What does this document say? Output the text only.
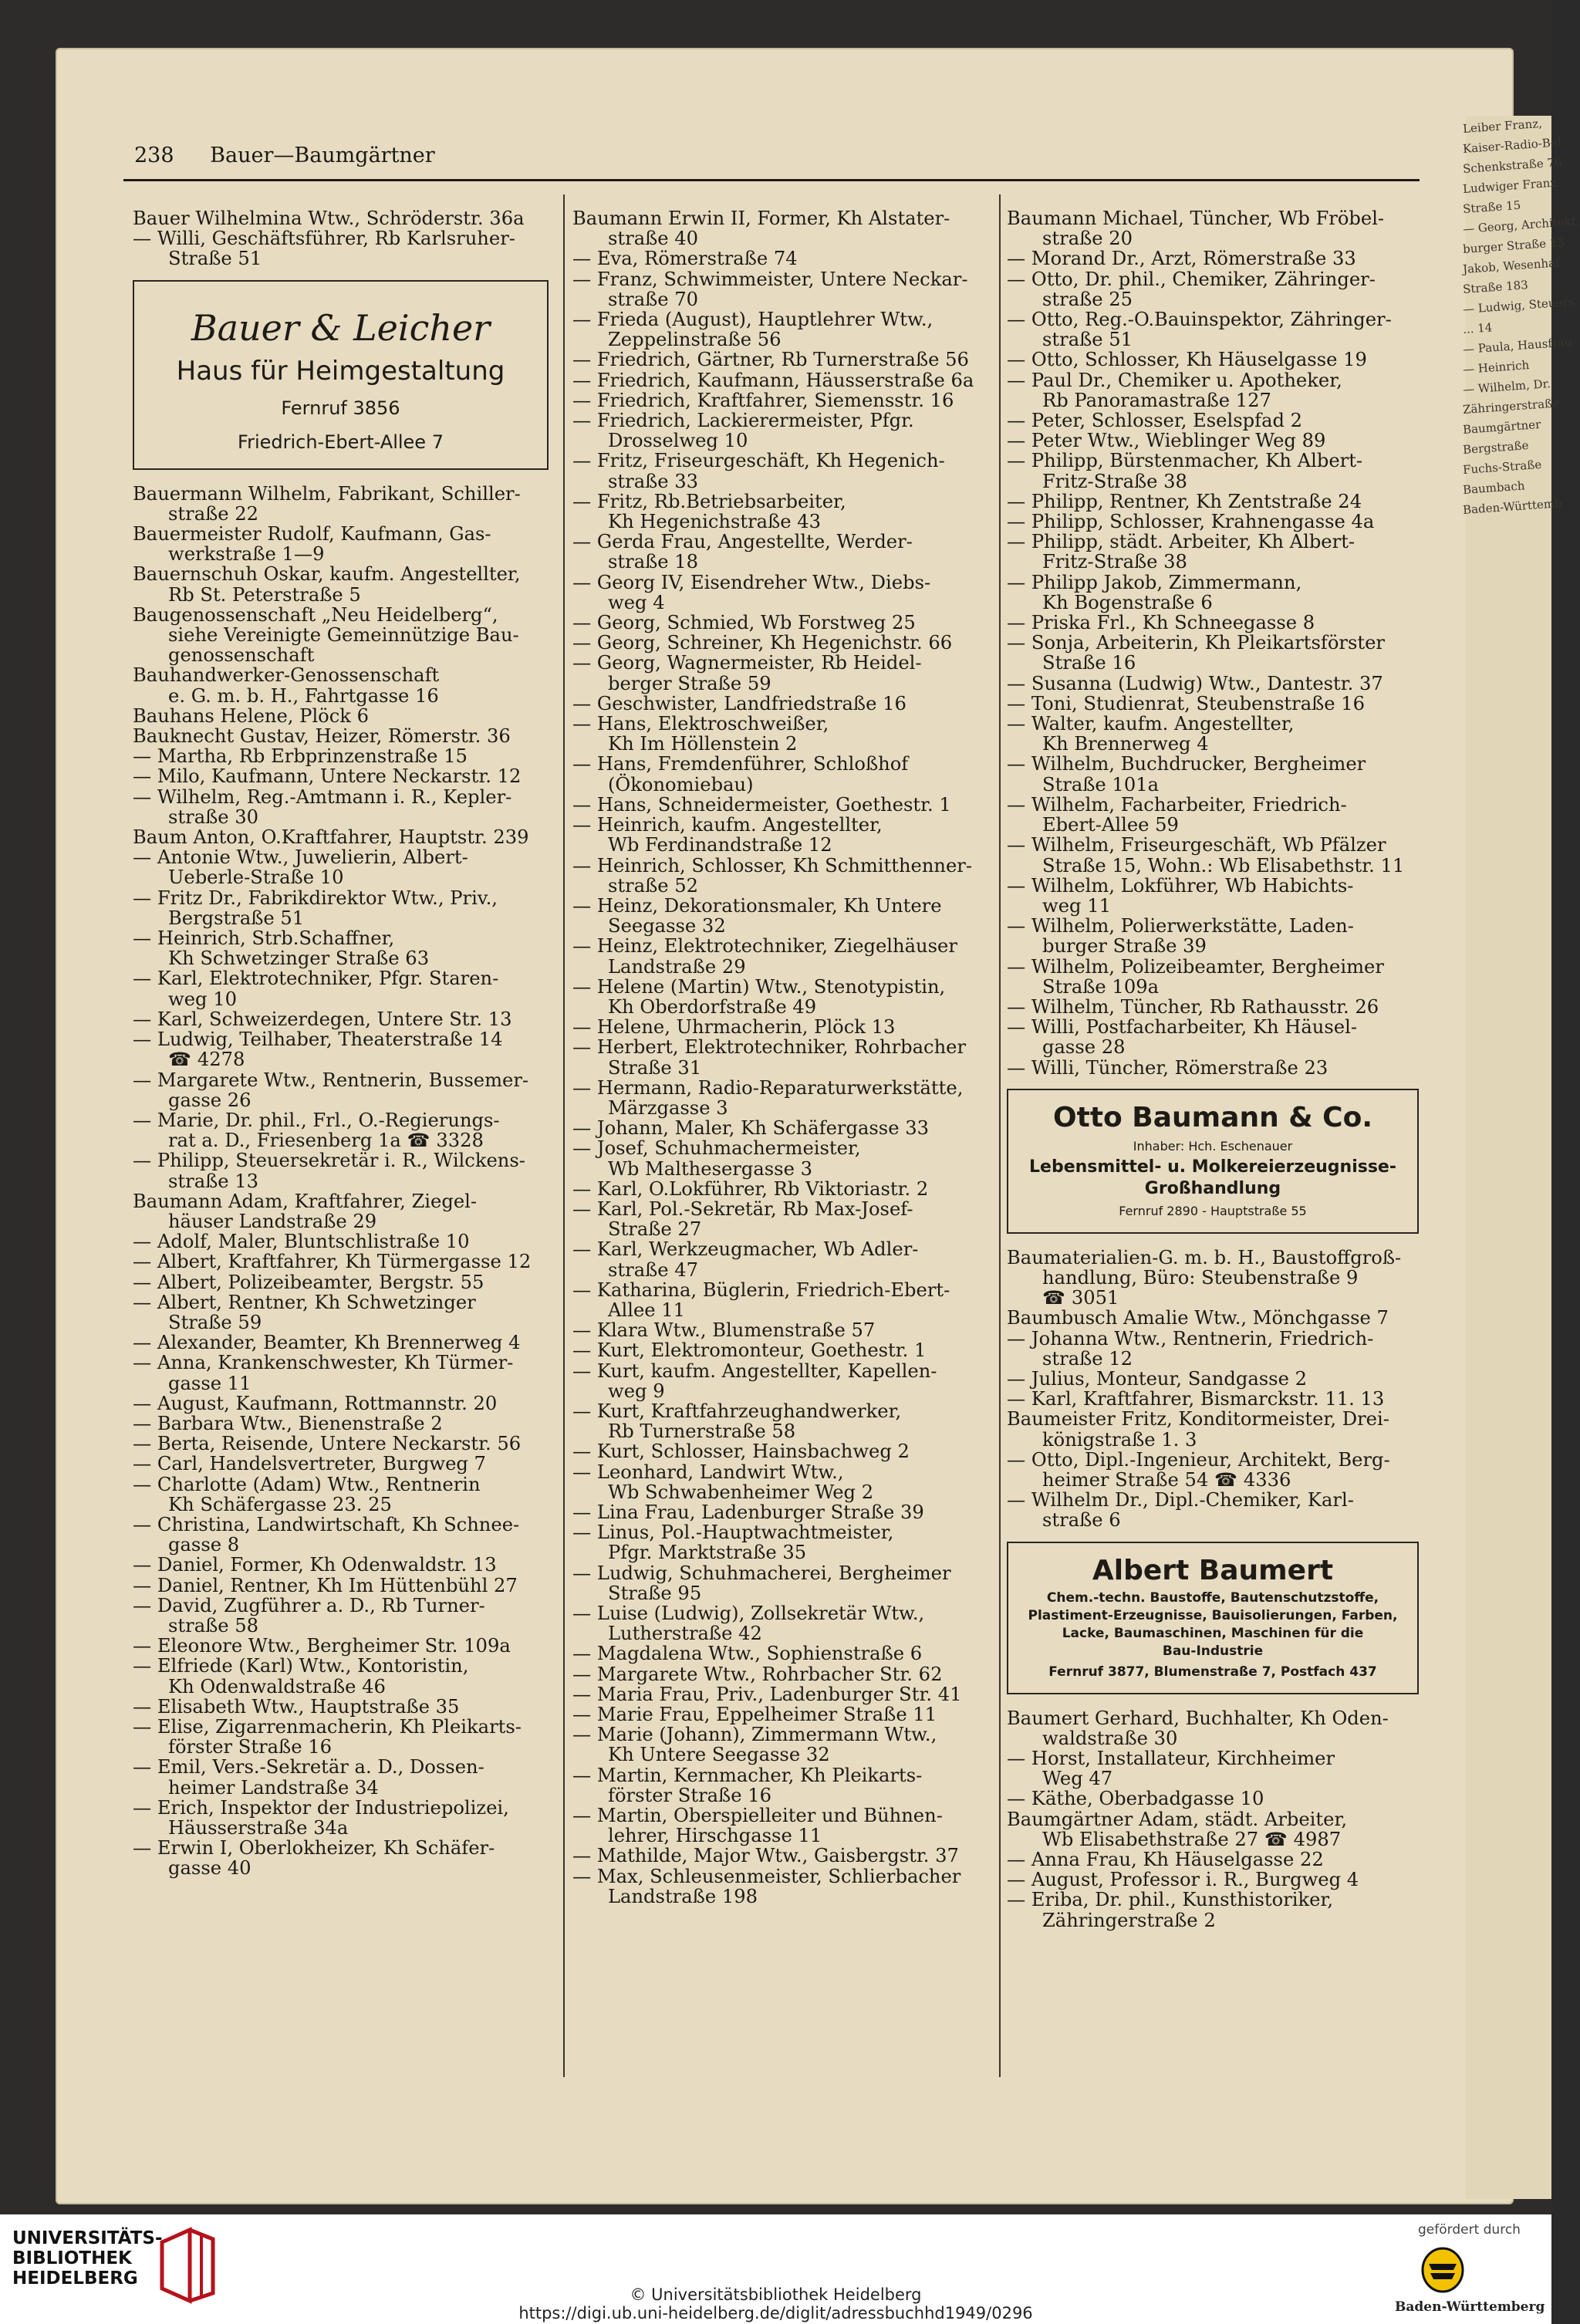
Leiber Franz,
Kaiser-Radio-Bel
Schenkstraße 76
Ludwiger Franz,
Straße 15
— Georg, Architekt,
burger Straße 13
Jakob, Wesenhaf
Straße 183
— Ludwig, Steuers
... 14
— Paula, Hausfrau
— Heinrich
— Wilhelm, Dr.
Zähringerstraße
Baumgärtner
Bergstraße
Fuchs-Straße
Baumbach
Baden-Württemb
238 Bauer—Baumgärtner
Bauer Wilhelmina Wtw., Schröderstr. 36a
— Willi, Geschäftsführer, Rb Karlsruher-
Straße 51
Bauer & Leicher
Haus für Heimgestaltung
Fernruf 3856
Friedrich-Ebert-Allee 7
Bauermann Wilhelm, Fabrikant, Schiller-
straße 22
Bauermeister Rudolf, Kaufmann, Gas-
werkstraße 1—9
Bauernschuh Oskar, kaufm. Angestellter,
Rb St. Peterstraße 5
Baugenossenschaft „Neu Heidelberg“,
siehe Vereinigte Gemeinnützige Bau-
genossenschaft
Bauhandwerker-Genossenschaft
e. G. m. b. H., Fahrtgasse 16
Bauhans Helene, Plöck 6
Bauknecht Gustav, Heizer, Römerstr. 36
— Martha, Rb Erbprinzenstraße 15
— Milo, Kaufmann, Untere Neckarstr. 12
— Wilhelm, Reg.-Amtmann i. R., Kepler-
straße 30
Baum Anton, O.Kraftfahrer, Hauptstr. 239
— Antonie Wtw., Juwelierin, Albert-
Ueberle-Straße 10
— Fritz Dr., Fabrikdirektor Wtw., Priv.,
Bergstraße 51
— Heinrich, Strb.Schaffner,
Kh Schwetzinger Straße 63
— Karl, Elektrotechniker, Pfgr. Staren-
weg 10
— Karl, Schweizerdegen, Untere Str. 13
— Ludwig, Teilhaber, Theaterstraße 14
☎ 4278
— Margarete Wtw., Rentnerin, Bussemer-
gasse 26
— Marie, Dr. phil., Frl., O.-Regierungs-
rat a. D., Friesenberg 1a ☎ 3328
— Philipp, Steuersekretär i. R., Wilckens-
straße 13
Baumann Adam, Kraftfahrer, Ziegel-
häuser Landstraße 29
— Adolf, Maler, Bluntschlistraße 10
— Albert, Kraftfahrer, Kh Türmergasse 12
— Albert, Polizeibeamter, Bergstr. 55
— Albert, Rentner, Kh Schwetzinger
Straße 59
— Alexander, Beamter, Kh Brennerweg 4
— Anna, Krankenschwester, Kh Türmer-
gasse 11
— August, Kaufmann, Rottmannstr. 20
— Barbara Wtw., Bienenstraße 2
— Berta, Reisende, Untere Neckarstr. 56
— Carl, Handelsvertreter, Burgweg 7
— Charlotte (Adam) Wtw., Rentnerin
Kh Schäfergasse 23. 25
— Christina, Landwirtschaft, Kh Schnee-
gasse 8
— Daniel, Former, Kh Odenwaldstr. 13
— Daniel, Rentner, Kh Im Hüttenbühl 27
— David, Zugführer a. D., Rb Turner-
straße 58
— Eleonore Wtw., Bergheimer Str. 109a
— Elfriede (Karl) Wtw., Kontoristin,
Kh Odenwaldstraße 46
— Elisabeth Wtw., Hauptstraße 35
— Elise, Zigarrenmacherin, Kh Pleikarts-
förster Straße 16
— Emil, Vers.-Sekretär a. D., Dossen-
heimer Landstraße 34
— Erich, Inspektor der Industriepolizei,
Häusserstraße 34a
— Erwin I, Oberlokheizer, Kh Schäfer-
gasse 40
Baumann Erwin II, Former, Kh Alstater-
straße 40
— Eva, Römerstraße 74
— Franz, Schwimmeister, Untere Neckar-
straße 70
— Frieda (August), Hauptlehrer Wtw.,
Zeppelinstraße 56
— Friedrich, Gärtner, Rb Turnerstraße 56
— Friedrich, Kaufmann, Häusserstraße 6a
— Friedrich, Kraftfahrer, Siemensstr. 16
— Friedrich, Lackierermeister, Pfgr.
Drosselweg 10
— Fritz, Friseurgeschäft, Kh Hegenich-
straße 33
— Fritz, Rb.Betriebsarbeiter,
Kh Hegenichstraße 43
— Gerda Frau, Angestellte, Werder-
straße 18
— Georg IV, Eisendreher Wtw., Diebs-
weg 4
— Georg, Schmied, Wb Forstweg 25
— Georg, Schreiner, Kh Hegenichstr. 66
— Georg, Wagnermeister, Rb Heidel-
berger Straße 59
— Geschwister, Landfriedstraße 16
— Hans, Elektroschweißer,
Kh Im Höllenstein 2
— Hans, Fremdenführer, Schloßhof
(Ökonomiebau)
— Hans, Schneidermeister, Goethestr. 1
— Heinrich, kaufm. Angestellter,
Wb Ferdinandstraße 12
— Heinrich, Schlosser, Kh Schmitthenner-
straße 52
— Heinz, Dekorationsmaler, Kh Untere
Seegasse 32
— Heinz, Elektrotechniker, Ziegelhäuser
Landstraße 29
— Helene (Martin) Wtw., Stenotypistin,
Kh Oberdorfstraße 49
— Helene, Uhrmacherin, Plöck 13
— Herbert, Elektrotechniker, Rohrbacher
Straße 31
— Hermann, Radio-Reparaturwerkstätte,
Märzgasse 3
— Johann, Maler, Kh Schäfergasse 33
— Josef, Schuhmachermeister,
Wb Malthesergasse 3
— Karl, O.Lokführer, Rb Viktoriastr. 2
— Karl, Pol.-Sekretär, Rb Max-Josef-
Straße 27
— Karl, Werkzeugmacher, Wb Adler-
straße 47
— Katharina, Büglerin, Friedrich-Ebert-
Allee 11
— Klara Wtw., Blumenstraße 57
— Kurt, Elektromonteur, Goethestr. 1
— Kurt, kaufm. Angestellter, Kapellen-
weg 9
— Kurt, Kraftfahrzeughandwerker,
Rb Turnerstraße 58
— Kurt, Schlosser, Hainsbachweg 2
— Leonhard, Landwirt Wtw.,
Wb Schwabenheimer Weg 2
— Lina Frau, Ladenburger Straße 39
— Linus, Pol.-Hauptwachtmeister,
Pfgr. Marktstraße 35
— Ludwig, Schuhmacherei, Bergheimer
Straße 95
— Luise (Ludwig), Zollsekretär Wtw.,
Lutherstraße 42
— Magdalena Wtw., Sophienstraße 6
— Margarete Wtw., Rohrbacher Str. 62
— Maria Frau, Priv., Ladenburger Str. 41
— Marie Frau, Eppelheimer Straße 11
— Marie (Johann), Zimmermann Wtw.,
Kh Untere Seegasse 32
— Martin, Kernmacher, Kh Pleikarts-
förster Straße 16
— Martin, Oberspielleiter und Bühnen-
lehrer, Hirschgasse 11
— Mathilde, Major Wtw., Gaisbergstr. 37
— Max, Schleusenmeister, Schlierbacher
Landstraße 198
Baumann Michael, Tüncher, Wb Fröbel-
straße 20
— Morand Dr., Arzt, Römerstraße 33
— Otto, Dr. phil., Chemiker, Zähringer-
straße 25
— Otto, Reg.-O.Bauinspektor, Zähringer-
straße 51
— Otto, Schlosser, Kh Häuselgasse 19
— Paul Dr., Chemiker u. Apotheker,
Rb Panoramastraße 127
— Peter, Schlosser, Eselspfad 2
— Peter Wtw., Wieblinger Weg 89
— Philipp, Bürstenmacher, Kh Albert-
Fritz-Straße 38
— Philipp, Rentner, Kh Zentstraße 24
— Philipp, Schlosser, Krahnengasse 4a
— Philipp, städt. Arbeiter, Kh Albert-
Fritz-Straße 38
— Philipp Jakob, Zimmermann,
Kh Bogenstraße 6
— Priska Frl., Kh Schneegasse 8
— Sonja, Arbeiterin, Kh Pleikartsförster
Straße 16
— Susanna (Ludwig) Wtw., Dantestr. 37
— Toni, Studienrat, Steubenstraße 16
— Walter, kaufm. Angestellter,
Kh Brennerweg 4
— Wilhelm, Buchdrucker, Bergheimer
Straße 101a
— Wilhelm, Facharbeiter, Friedrich-
Ebert-Allee 59
— Wilhelm, Friseurgeschäft, Wb Pfälzer
Straße 15, Wohn.: Wb Elisabethstr. 11
— Wilhelm, Lokführer, Wb Habichts-
weg 11
— Wilhelm, Polierwerkstätte, Laden-
burger Straße 39
— Wilhelm, Polizeibeamter, Bergheimer
Straße 109a
— Wilhelm, Tüncher, Rb Rathausstr. 26
— Willi, Postfacharbeiter, Kh Häusel-
gasse 28
— Willi, Tüncher, Römerstraße 23
Otto Baumann & Co.
Inhaber: Hch. Eschenauer
Lebensmittel- u. Molkereierzeugnisse-
Großhandlung
Fernruf 2890 - Hauptstraße 55
Baumaterialien-G. m. b. H., Baustoffgroß-
handlung, Büro: Steubenstraße 9
☎ 3051
Baumbusch Amalie Wtw., Mönchgasse 7
— Johanna Wtw., Rentnerin, Friedrich-
straße 12
— Julius, Monteur, Sandgasse 2
— Karl, Kraftfahrer, Bismarckstr. 11. 13
Baumeister Fritz, Konditormeister, Drei-
königstraße 1. 3
— Otto, Dipl.-Ingenieur, Architekt, Berg-
heimer Straße 54 ☎ 4336
— Wilhelm Dr., Dipl.-Chemiker, Karl-
straße 6
Albert Baumert
Chem.-techn. Baustoffe, Bautenschutzstoffe,
Plastiment-Erzeugnisse, Bauisolierungen, Farben,
Lacke, Baumaschinen, Maschinen für die
Bau-Industrie
Fernruf 3877, Blumenstraße 7, Postfach 437
Baumert Gerhard, Buchhalter, Kh Oden-
waldstraße 30
— Horst, Installateur, Kirchheimer
Weg 47
— Käthe, Oberbadgasse 10
Baumgärtner Adam, städt. Arbeiter,
Wb Elisabethstraße 27 ☎ 4987
— Anna Frau, Kh Häuselgasse 22
— August, Professor i. R., Burgweg 4
— Eriba, Dr. phil., Kunsthistoriker,
Zähringerstraße 2
UNIVERSITÄTS-
BIBLIOTHEK
HEIDELBERG
© Universitätsbibliothek Heidelberg
https://digi.ub.uni-heidelberg.de/diglit/adressbuchhd1949/0296
gefördert durch
Baden-Württemberg
